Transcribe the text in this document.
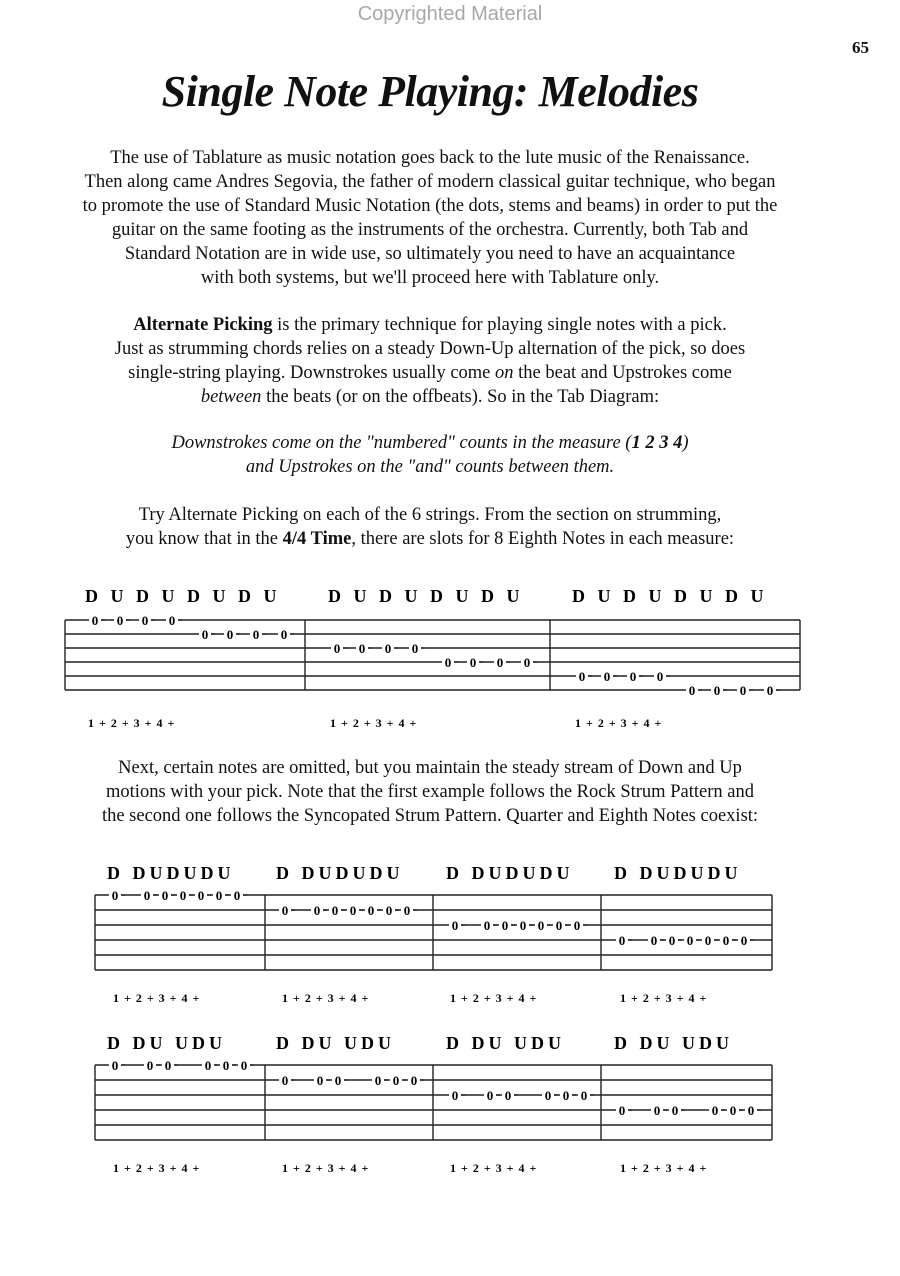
Copyrighted Material
65
Single Note Playing: Melodies
The use of Tablature as music notation goes back to the lute music of the Renaissance.
Then along came Andres Segovia, the father of modern classical guitar technique, who began
to promote the use of Standard Music Notation (the dots, stems and beams) in order to put the
guitar on the same footing as the instruments of the orchestra. Currently, both Tab and
Standard Notation are in wide use, so ultimately you need to have an acquaintance
with both systems, but we'll proceed here with Tablature only.
Alternate Picking is the primary technique for playing single notes with a pick.
Just as strumming chords relies on a steady Down-Up alternation of the pick, so does
single-string playing. Downstrokes usually come on the beat and Upstrokes come
between the beats (or on the offbeats). So in the Tab Diagram:
Downstrokes come on the "numbered" counts in the measure (1 2 3 4)
and Upstrokes on the "and" counts between them.
Try Alternate Picking on each of the 6 strings. From the section on strumming,
you know that in the 4/4 Time, there are slots for 8 Eighth Notes in each measure:
Next, certain notes are omitted, but you maintain the steady stream of Down and Up
motions with your pick. Note that the first example follows the Rock Strum Pattern and
the second one follows the Syncopated Strum Pattern. Quarter and Eighth Notes coexist:
D U D U D U D U	D U D U D U D U	D U D U D U D U
1 + 2 + 3 + 4 +	1 + 2 + 3 + 4 +	1 + 2 + 3 + 4 +
0 0 0 0
0 0 0 0
0 0 0 0
0 0 0 0
0 0 0 0
0 0 0 0
D DUDUDU D DUDUDU D DUDUDU D DUDUDU
1 + 2 + 3 + 4 +	1 + 2 + 3 + 4 +	1 + 2 + 3 + 4 +	1 + 2 + 3 + 4 +
0 0 0 0 0 0 0
0 0 0 0 0 0 0
0 0 0 0 0 0 0
0 0 0 0 0 0 0
D DU UDU	D DU UDU	D DU UDU	D DU UDU
1 + 2 + 3 + 4 +	1 + 2 + 3 + 4 +	1 + 2 + 3 + 4 +	1 + 2 + 3 + 4 +
0 0 0	0 0 0
0 0 0	0 0 0
0 0 0	0 0 0
0 0 0	0 0 0
